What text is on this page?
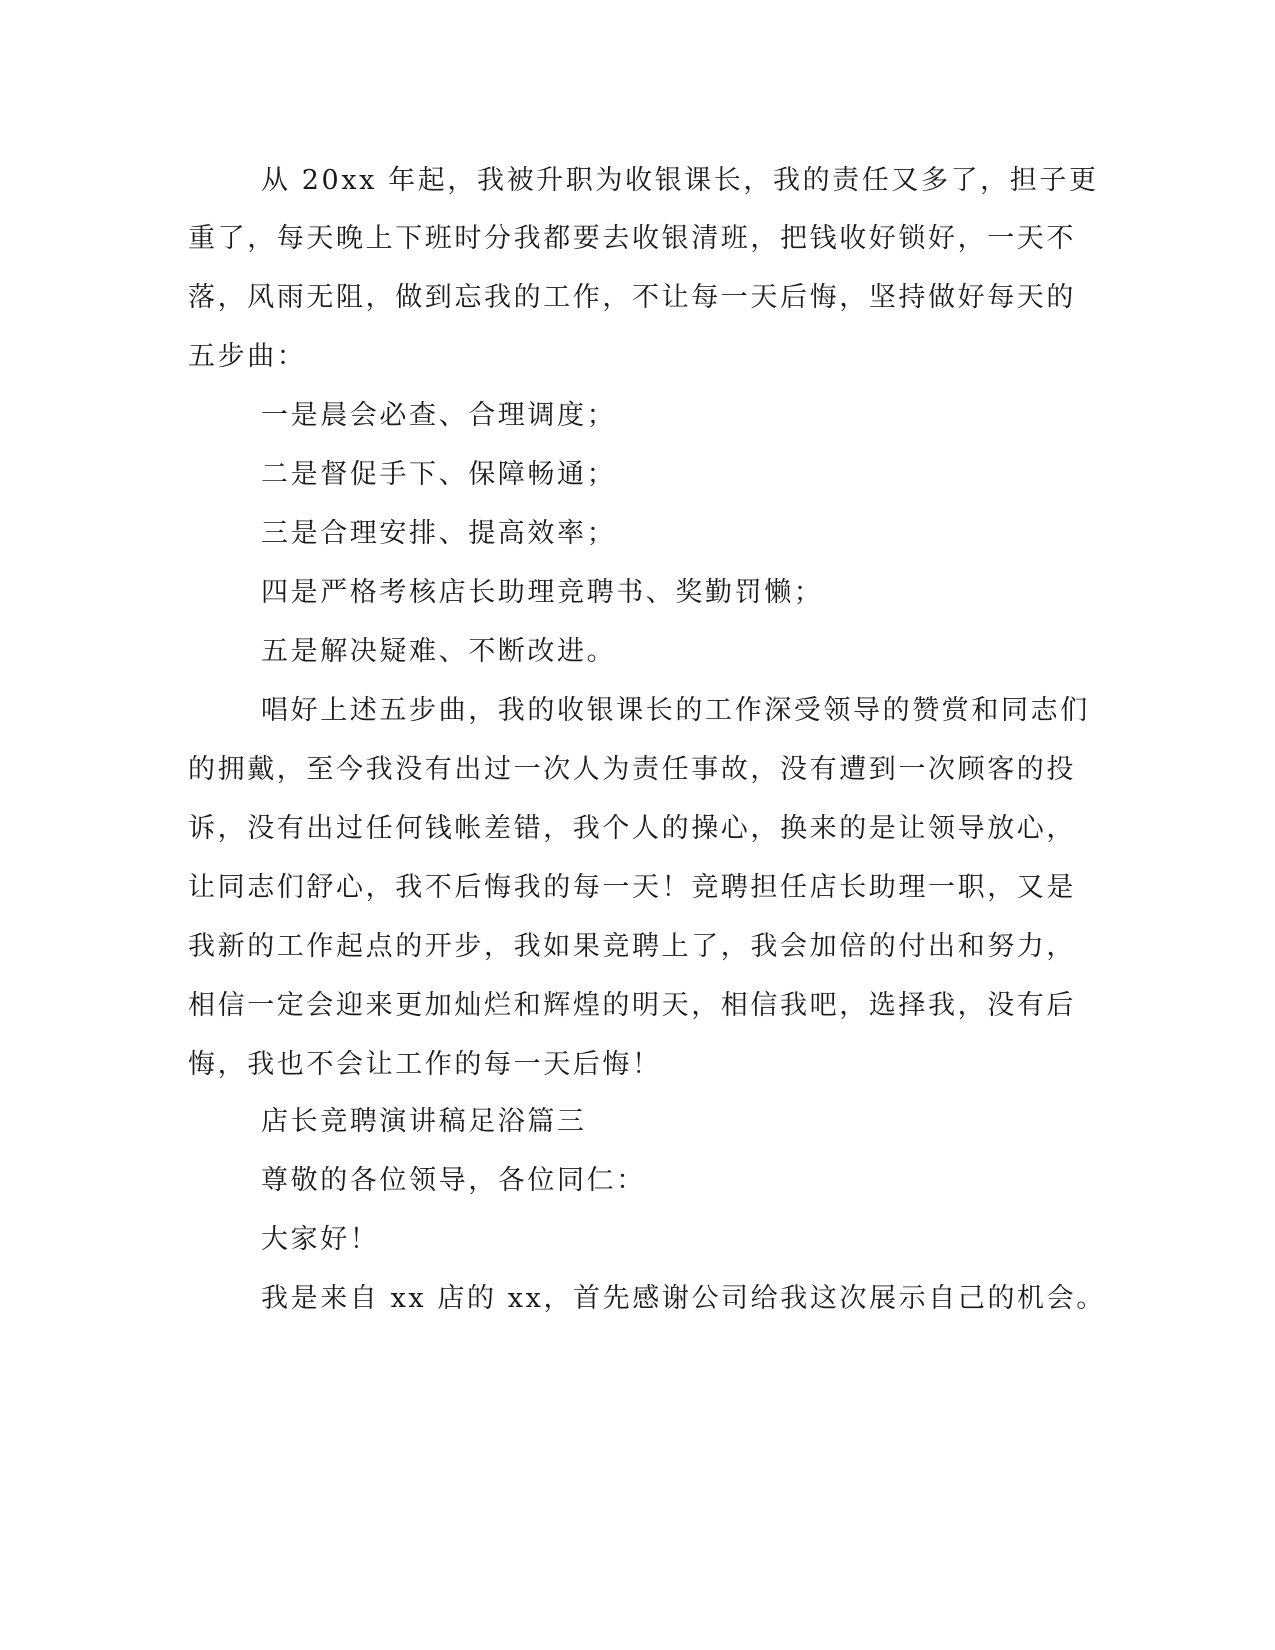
从 20xx 年起，我被升职为收银课长，我的责任又多了，担子更
重了，每天晚上下班时分我都要去收银清班，把钱收好锁好，一天不
落，风雨无阻，做到忘我的工作，不让每一天后悔，坚持做好每天的
五步曲：
一是晨会必查、合理调度；
二是督促手下、保障畅通；
三是合理安排、提高效率；
四是严格考核店长助理竞聘书、奖勤罚懒；
五是解决疑难、不断改进。
唱好上述五步曲，我的收银课长的工作深受领导的赞赏和同志们
的拥戴，至今我没有出过一次人为责任事故，没有遭到一次顾客的投
诉，没有出过任何钱帐差错，我个人的操心，换来的是让领导放心，
让同志们舒心，我不后悔我的每一天！竞聘担任店长助理一职，又是
我新的工作起点的开步，我如果竞聘上了，我会加倍的付出和努力，
相信一定会迎来更加灿烂和辉煌的明天，相信我吧，选择我，没有后
悔，我也不会让工作的每一天后悔！
店长竞聘演讲稿足浴篇三
尊敬的各位领导，各位同仁：
大家好！
我是来自 xx 店的 xx，首先感谢公司给我这次展示自己的机会。
